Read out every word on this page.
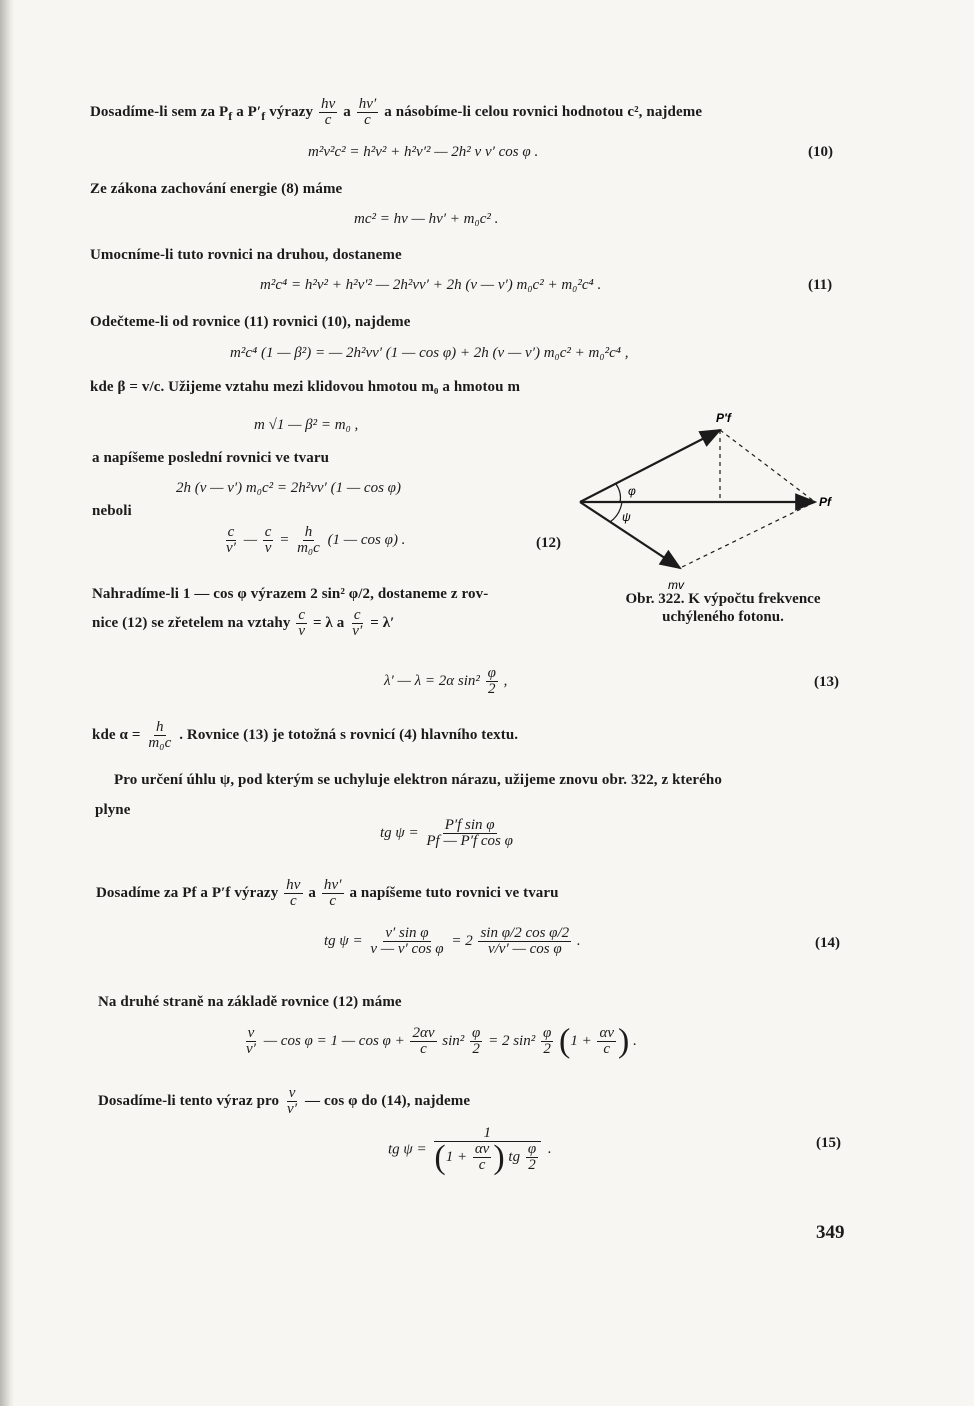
Dosadíme-li sem za $P_f$ a $P'_f$ výrazy $\frac{h\nu}{c}$ a $\frac{h\nu'}{c}$ a násobíme-li celou rovnici hodnotou c², najdeme
m²v²c² = h²ν² + h²ν′² — 2h² ν ν′ cos φ .	(10)
Ze zákona zachování energie (8) máme
mc² = hν — hν′ + m₀c² .
Umocníme-li tuto rovnici na druhou, dostaneme
m²c⁴ = h²ν² + h²ν′² — 2h²νν′ + 2h (ν — ν′) m₀c² + m₀²c⁴ .	(11)
Odečteme-li od rovnice (11) rovnici (10), najdeme
m²c⁴ (1 — β²) = — 2h²νν′ (1 — cos φ) + 2h (ν — ν′) m₀c² + m₀²c⁴ ,
kde β = v/c. Užijeme vztahu mezi klidovou hmotou m₀ a hmotou m
m √1 — β² = m₀ ,
a napíšeme poslední rovnici ve tvaru
2h (ν — ν′) m₀c² = 2h²νν′ (1 — cos φ)
neboli
$\frac{c}{\nu'}$ — $\frac{c}{\nu} = \frac{h}{\text{m₀c}} (1$ — cos φ) .	(12)
Nahradíme-li 1 — cos φ výrazem 2 sin² φ/2, dostaneme z rov-
nice (12) se zřetelem na vztahy $\frac{c}{\nu} = \lambda$ a $\frac{c}{\nu'} = \lambda'$
λ′ — λ = 2α $\sin^2 \frac{\varphi}{2}$ ,	(13)
kde $\alpha = \frac{h}{\text{m₀c}}$ . Rovnice (13) je totožná s rovnicí (4) hlavního textu.
Pro určení úhlu ψ, pod kterým se uchyluje elektron nárazu, užijeme znovu obr. 322, z kterého
plyne
tg $\psi = \frac{\text{P′f sin φ}}{\text{Pf — P′f cos φ}}$
Dosadíme za Pf a P′f výrazy $\frac{h\nu}{c}$ a $\frac{h\nu'}{c}$ a napíšeme tuto rovnici ve tvaru
tg $\psi = \frac{\text{ν′ sin φ}}{\text{ν — ν′ cos φ}} = 2 \frac{\text{sin φ/2 cos φ/2}}{\text{ν/ν′ — cos φ}}$ .	(14)
Na druhé straně na základě rovnice (12) máme
$\frac{\nu}{\nu'}$ — cos φ = 1 — $\cos \varphi + \frac{2\alpha\nu}{c} \sin^2 \frac{\varphi}{2} = 2$ $\sin^2 \frac{\varphi}{2} (1 + \frac{\alpha\nu}{c}$ ) .
Dosadíme-li tento výraz pro $\frac{\nu}{\nu'}$ — cos φ do (14), najdeme
tg $\psi = \frac{1}{(1 + \frac{\alpha\nu}{c} ) tg \frac{\varphi}{2}}$ .	(15)
P′f
Pf
φ
ψ
mv
Obr. 322. K výpočtu frekvence
uchýleného fotonu.
349
